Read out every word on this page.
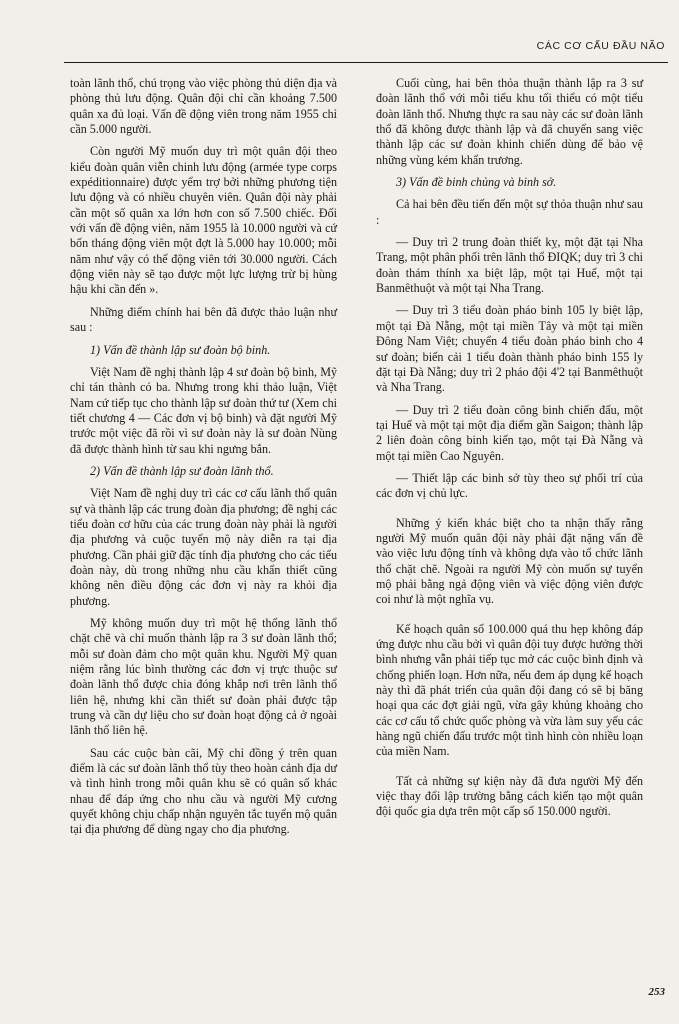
CÁC CƠ CẤU ĐẦU NÃO

toàn lãnh thổ, chú trọng vào việc phòng thủ diện địa và phòng thủ lưu động. Quân đội chỉ cần khoảng 7.500 quân xa đủ loại. Vấn đề động viên trong năm 1955 chỉ cần 5.000 người.

Còn người Mỹ muốn duy trì một quân đội theo kiểu đoàn quân viễn chinh lưu động (armée type corps expéditionnaire) được yểm trợ bởi những phương tiện lưu động và có nhiều chuyên viên. Quân đội này phải cần một số quân xa lớn hơn con số 7.500 chiếc. Đối với vấn đề động viên, năm 1955 là 10.000 người và cứ bốn tháng động viên một đợt là 5.000 hay 10.000; mỗi năm như vậy có thể động viên tới 30.000 người. Cách động viên này sẽ tạo được một lực lượng trừ bị hùng hậu khi cần đến ».

Những điểm chính hai bên đã được thảo luận như sau :

1) Vấn đề thành lập sư đoàn bộ binh.

Việt Nam đề nghị thành lập 4 sư đoàn bộ binh, Mỹ chỉ tán thành có ba. Nhưng trong khi thảo luận, Việt Nam cứ tiếp tục cho thành lập sư đoàn thứ tư (Xem chi tiết chương 4 — Các đơn vị bộ binh) và đặt người Mỹ trước một việc đã rồi vì sư đoàn này là sư đoàn Nùng đã được thành hình từ sau khi ngưng bắn.

2) Vấn đề thành lập sư đoàn lãnh thổ.

Việt Nam đề nghị duy trì các cơ cấu lãnh thổ quân sự và thành lập các trung đoàn địa phương; đề nghị các tiểu đoàn cơ hữu của các trung đoàn này phải là người địa phương và cuộc tuyển mộ này diễn ra tại địa phương. Cần phải giữ đặc tính địa phương cho các tiểu đoàn này, dù trong những nhu cầu khẩn thiết cũng không nên điều động các đơn vị này ra khỏi địa phương.

Mỹ không muốn duy trì một hệ thống lãnh thổ chặt chẽ và chỉ muốn thành lập ra 3 sư đoàn lãnh thổ; mỗi sư đoàn đảm cho một quân khu. Người Mỹ quan niệm rằng lúc bình thường các đơn vị trực thuộc sư đoàn lãnh thổ được chia đóng khắp nơi trên lãnh thổ liên hệ, nhưng khi cần thiết sư đoàn phải được tập trung và cần dự liệu cho sư đoàn hoạt động cả ở ngoài lãnh thổ liên hệ.

Sau các cuộc bàn cãi, Mỹ chỉ đồng ý trên quan điểm là các sư đoàn lãnh thổ tùy theo hoàn cảnh địa dư và tình hình trong mỗi quân khu sẽ có quân số khác nhau để đáp ứng cho nhu cầu và người Mỹ cương quyết không chịu chấp nhận nguyên tắc tuyển mộ quân tại địa phương để dùng ngay cho địa phương.

Cuối cùng, hai bên thỏa thuận thành lập ra 3 sư đoàn lãnh thổ với mỗi tiểu khu tối thiểu có một tiểu đoàn lãnh thổ. Nhưng thực ra sau này các sư đoàn lãnh thổ đã không được thành lập và đã chuyển sang việc thành lập các sư đoàn khinh chiến dùng để bảo vệ những vùng kém khẩn trương.

3) Vấn đề binh chủng và binh sở.

Cả hai bên đều tiến đến một sự thỏa thuận như sau :

— Duy trì 2 trung đoàn thiết kỵ, một đặt tại Nha Trang, một phân phối trên lãnh thổ ĐIQK; duy trì 3 chi đoàn thám thính xa biệt lập, một tại Huế, một tại Banmêthuột và một tại Nha Trang.

— Duy trì 3 tiểu đoàn pháo binh 105 ly biệt lập, một tại Đà Nẵng, một tại miền Tây và một tại miền Đông Nam Việt; chuyển 4 tiểu đoàn pháo binh cho 4 sư đoàn; biến cải 1 tiểu đoàn thành pháo binh 155 ly đặt tại Đà Nẵng; duy trì 2 pháo đội 4'2 tại Banmêthuột và Nha Trang.

— Duy trì 2 tiểu đoàn công binh chiến đấu, một tại Huế và một tại một địa điểm gần Saigon; thành lập 2 liên đoàn công binh kiến tạo, một tại Đà Nẵng và một tại miền Cao Nguyên.

— Thiết lập các binh sở tùy theo sự phối trí của các đơn vị chủ lực.

Những ý kiến khác biệt cho ta nhận thấy rằng người Mỹ muốn quân đội này phải đặt nặng vấn đề vào việc lưu động tính và không dựa vào tổ chức lãnh thổ chặt chẽ. Ngoài ra người Mỹ còn muốn sự tuyển mộ phải bằng ngả động viên và việc động viên được coi như là một nghĩa vụ.

Kế hoạch quân số 100.000 quá thu hẹp không đáp ứng được nhu cầu bởi vì quân đội tuy được hưởng thời bình nhưng vẫn phải tiếp tục mở các cuộc bình định và chống phiến loạn. Hơn nữa, nếu đem áp dụng kế hoạch này thì đã phát triển của quân đội đang có sẽ bị băng hoại qua các đợt giải ngũ, vừa gây khủng khoảng cho các cơ cấu tổ chức quốc phòng và vừa làm suy yếu các hàng ngũ chiến đấu trước một tình hình còn nhiều loạn của miền Nam.

Tất cả những sự kiện này đã đưa người Mỹ đến việc thay đổi lập trường bằng cách kiến tạo một quân đội quốc gia dựa trên một cấp số 150.000 người.

253
